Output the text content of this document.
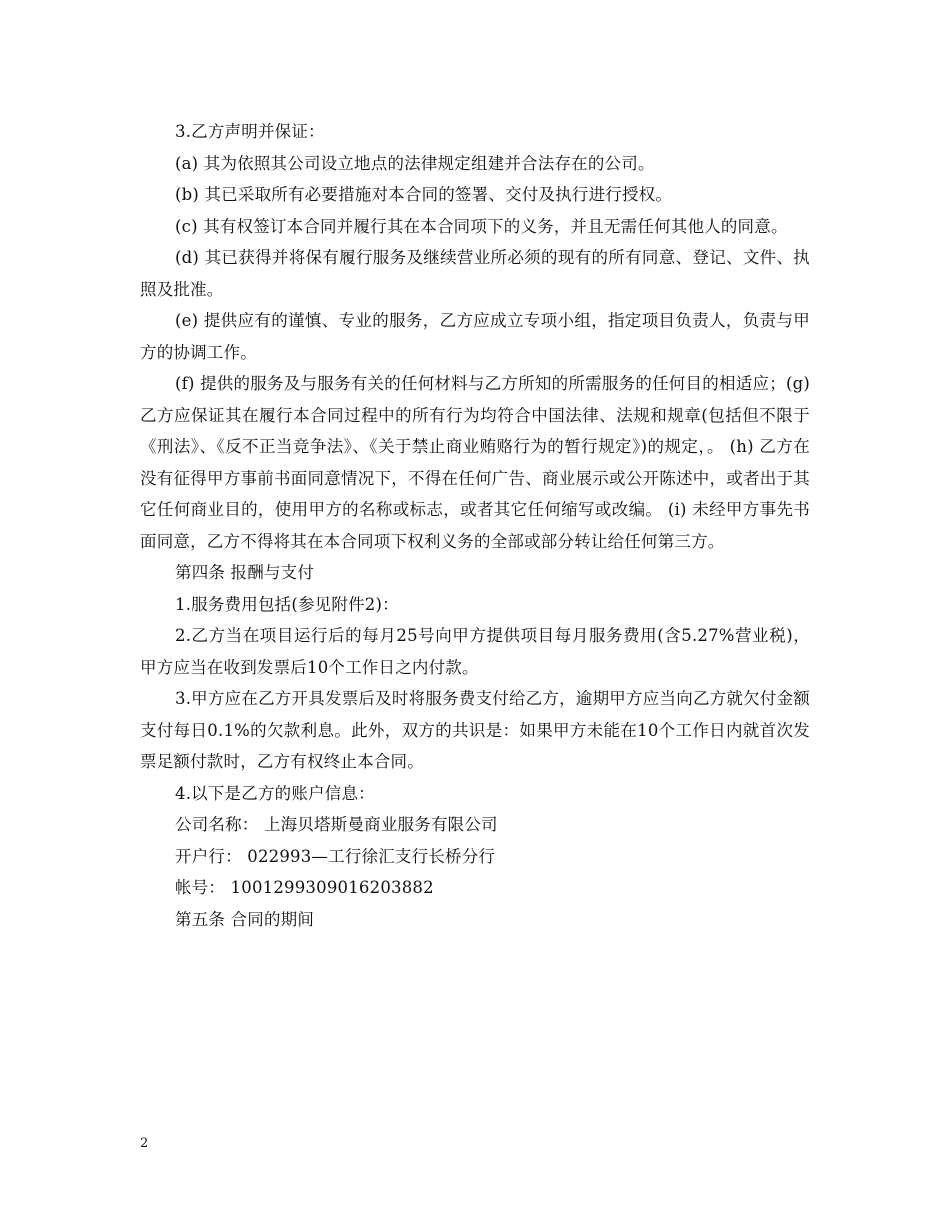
3.乙方声明并保证：

(a) 其为依照其公司设立地点的法律规定组建并合法存在的公司。

(b) 其已采取所有必要措施对本合同的签署、交付及执行进行授权。

(c) 其有权签订本合同并履行其在本合同项下的义务，并且无需任何其他人的同意。

(d) 其已获得并将保有履行服务及继续营业所必须的现有的所有同意、登记、文件、执照及批准。

(e) 提供应有的谨慎、专业的服务，乙方应成立专项小组，指定项目负责人，负责与甲方的协调工作。

(f) 提供的服务及与服务有关的任何材料与乙方所知的所需服务的任何目的相适应；(g) 乙方应保证其在履行本合同过程中的所有行为均符合中国法律、法规和规章(包括但不限于《刑法》、《反不正当竞争法》、《关于禁止商业贿赂行为的暂行规定》)的规定，。 (h) 乙方在没有征得甲方事前书面同意情况下，不得在任何广告、商业展示或公开陈述中，或者出于其它任何商业目的，使用甲方的名称或标志，或者其它任何缩写或改编。 (i) 未经甲方事先书面同意，乙方不得将其在本合同项下权利义务的全部或部分转让给任何第三方。

第四条 报酬与支付

1.服务费用包括(参见附件2)：

2.乙方当在项目运行后的每月25号向甲方提供项目每月服务费用(含5.27%营业税)，甲方应当在收到发票后10个工作日之内付款。

3.甲方应在乙方开具发票后及时将服务费支付给乙方，逾期甲方应当向乙方就欠付金额支付每日0.1%的欠款利息。此外，双方的共识是：如果甲方未能在10个工作日内就首次发票足额付款时，乙方有权终止本合同。

4.以下是乙方的账户信息：

公司名称： 上海贝塔斯曼商业服务有限公司

开户行： 022993—工行徐汇支行长桥分行

帐号： 1001299309016203882

第五条 合同的期间

2
